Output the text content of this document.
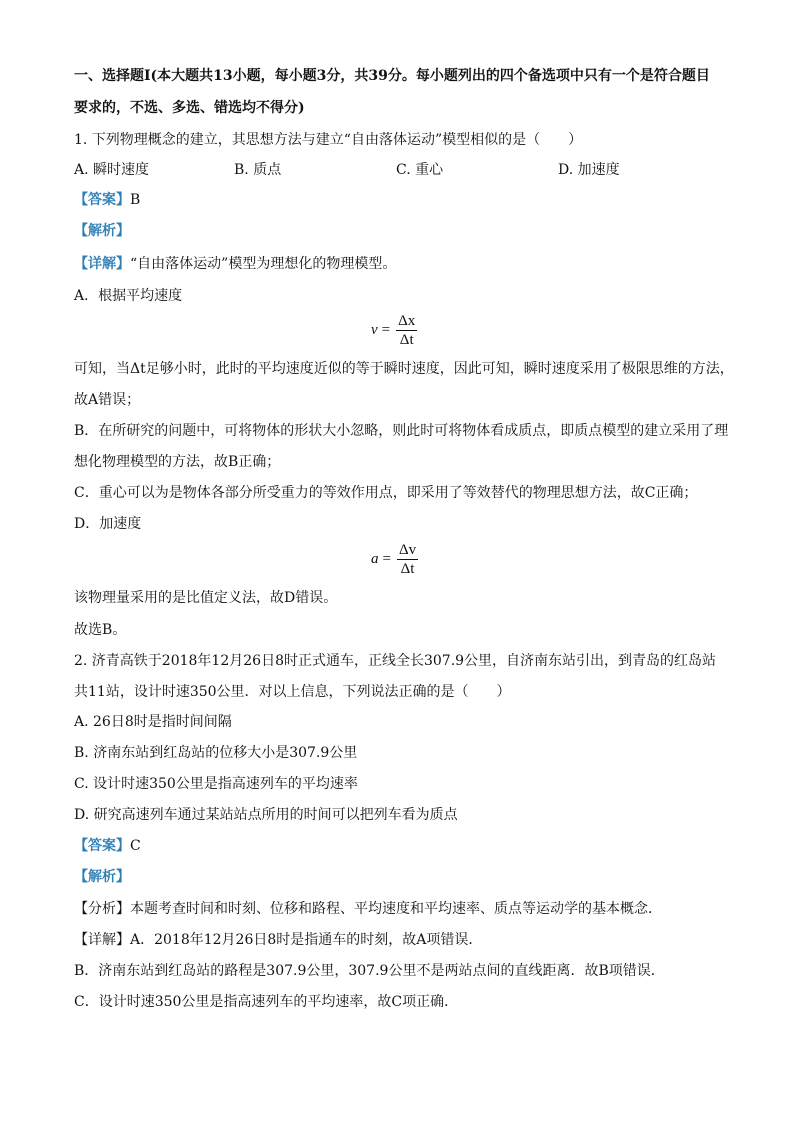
一、选择题Ⅰ(本大题共13小题，每小题3分，共39分。每小题列出的四个备选项中只有一个是符合题目
要求的，不选、多选、错选均不得分)
1. 下列物理概念的建立，其思想方法与建立“自由落体运动”模型相似的是（　　）
A. 瞬时速度	B. 质点	C. 重心	D. 加速度
【答案】B
【解析】
【详解】“自由落体运动”模型为理想化的物理模型。
A．根据平均速度
$v = \frac{\Delta x}{\Delta t}$
可知，当Δt足够小时，此时的平均速度近似的等于瞬时速度，因此可知，瞬时速度采用了极限思维的方法，
故A错误；
B．在所研究的问题中，可将物体的形状大小忽略，则此时可将物体看成质点，即质点模型的建立采用了理
想化物理模型的方法，故B正确；
C．重心可以为是物体各部分所受重力的等效作用点，即采用了等效替代的物理思想方法，故C正确；
D．加速度
$a = \frac{\Delta v}{\Delta t}$
该物理量采用的是比值定义法，故D错误。
故选B。
2. 济青高铁于2018年12月26日8时正式通车，正线全长307.9公里，自济南东站引出，到青岛的红岛站
共11站，设计时速350公里．对以上信息，下列说法正确的是（　　）
A. 26日8时是指时间间隔
B. 济南东站到红岛站的位移大小是307.9公里
C. 设计时速350公里是指高速列车的平均速率
D. 研究高速列车通过某站站点所用的时间可以把列车看为质点
【答案】C
【解析】
【分析】本题考查时间和时刻、位移和路程、平均速度和平均速率、质点等运动学的基本概念．
【详解】A．2018年12月26日8时是指通车的时刻，故A项错误．
B．济南东站到红岛站的路程是307.9公里，307.9公里不是两站点间的直线距离．故B项错误．
C．设计时速350公里是指高速列车的平均速率，故C项正确．
